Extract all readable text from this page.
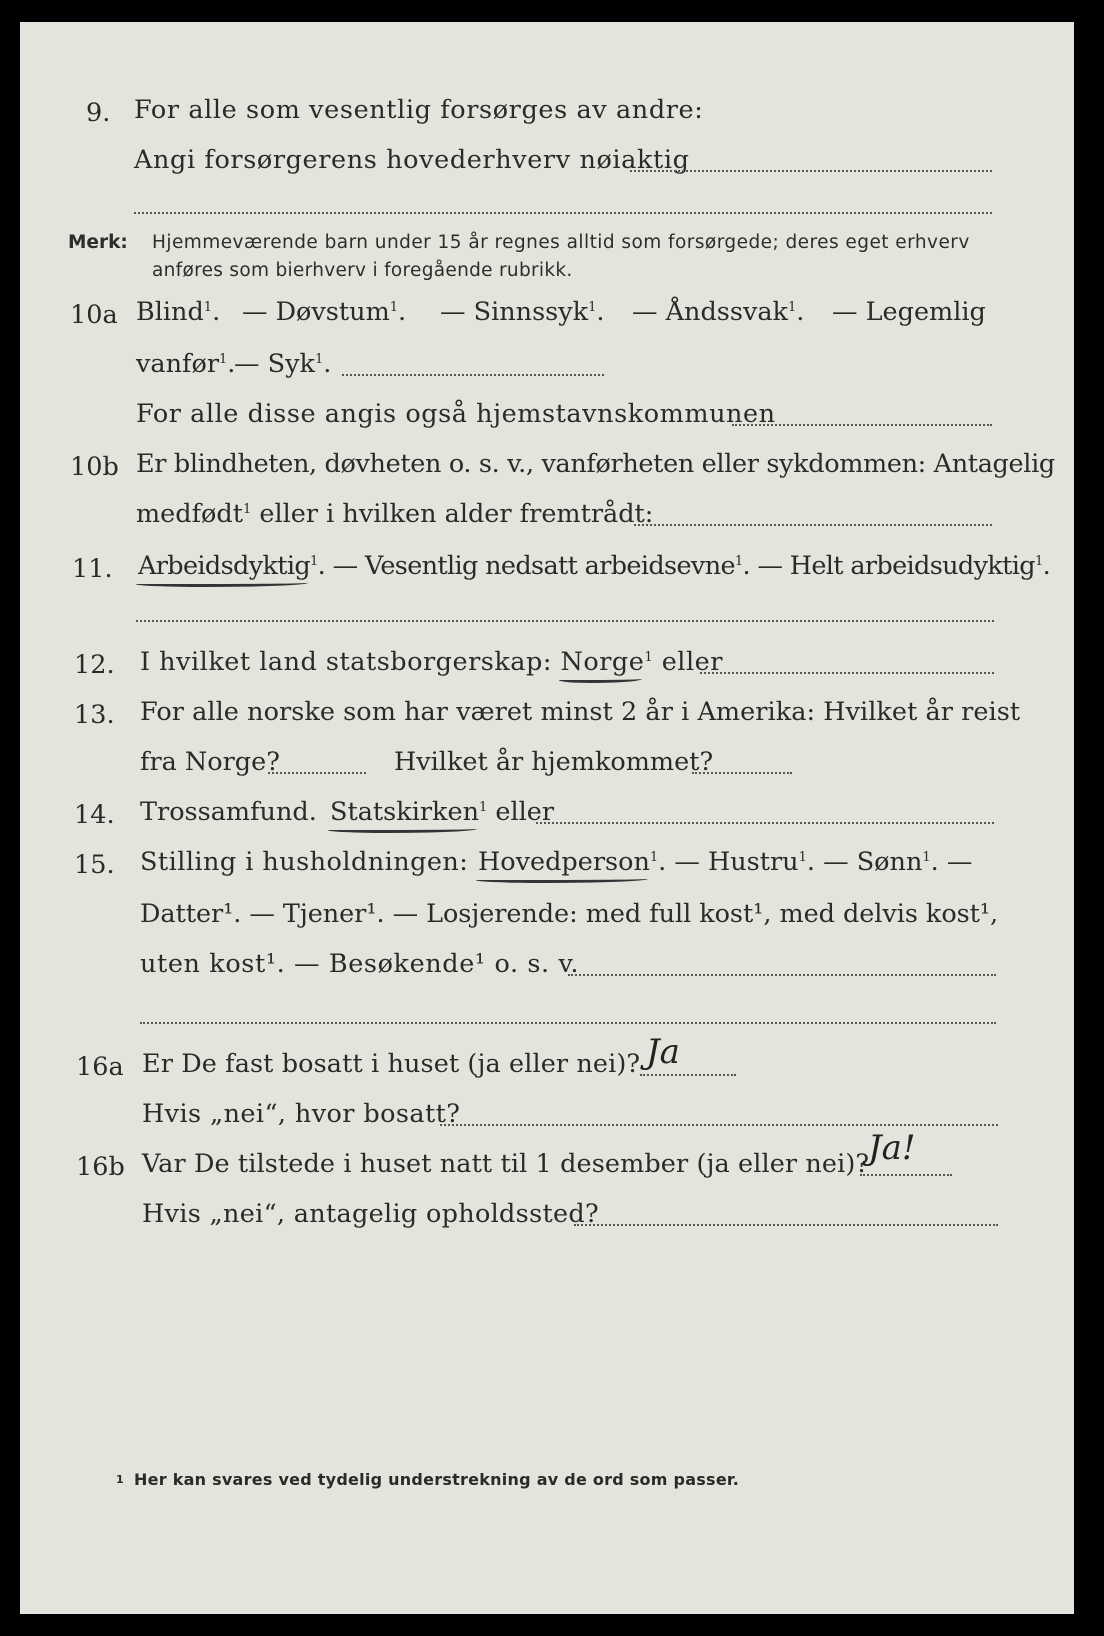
9. For alle som vesentlig forsørges av andre:
Angi forsørgerens hovederhverv nøiaktig
Merk: Hjemmeværende barn under 15 år regnes alltid som forsørgede; deres eget erhverv
anføres som bierhverv i foregående rubrikk.
10a Blind$^1$. — Døvstum$^1$. — Sinnssyk$^1$. — Åndssvak$^1$. — Legemlig
vanfør$^1$.
— Syk$^1$.
For alle disse angis også hjemstavnskommunen
10b Er blindheten, døvheten o. s. v., vanførheten eller sykdommen: Antagelig
medfødt$^1$ eller i hvilken alder fremtrådt:
11. Arbeidsdyktig$^1$. — Vesentlig nedsatt arbeidsevne$^1$. — Helt arbeidsudyktig$^1$.
12. I hvilket land statsborgerskap: Norge$^1$ eller
13. For alle norske som har været minst 2 år i Amerika: Hvilket år reist
fra Norge?	Hvilket år hjemkommet?
14. Trossamfund. Statskirken$^1$ eller
15. Stilling i husholdningen: Hovedperson$^1$. — Hustru$^1$. — Sønn$^1$. —
Datter¹. — Tjener¹. — Losjerende: med full kost¹, med delvis kost¹,
uten kost¹. — Besøkende¹ o. s. v.
16a Er De fast bosatt i huset (ja eller nei)? Ja
Hvis „nei“, hvor bosatt?
16b Var De tilstede i huset natt til 1 desember (ja eller nei)?
Ja!
Hvis „nei“, antagelig opholdssted?
1 Her kan svares ved tydelig understrekning av de ord som passer.
